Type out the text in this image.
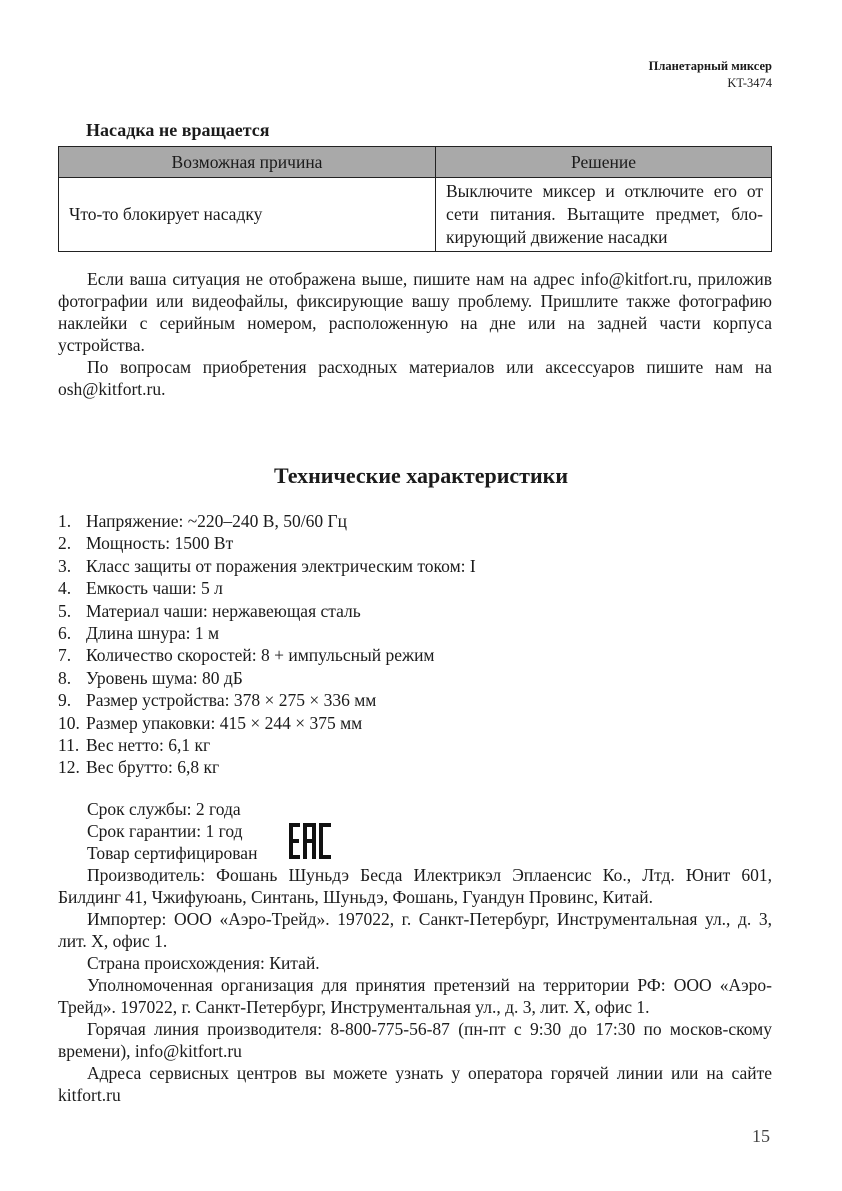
Планетарный миксер
KT-3474
Насадка не вращается
Возможная причина	Решение
Что-то блокирует насадку	Выключите миксер и отключите его от сети питания. Вытащите предмет, бло-кирующий движение насадки

Если ваша ситуация не отображена выше, пишите нам на адрес info@kitfort.ru, приложив фотографии или видеофайлы, фиксирующие вашу проблему. Пришлите также фотографию наклейки с серийным номером, расположенную на дне или на задней части корпуса устройства.

По вопросам приобретения расходных материалов или аксессуаров пишите нам на osh@kitfort.ru.

Технические характеристики
1. Напряжение: ~220–240 В, 50/60 Гц
2. Мощность: 1500 Вт
3. Класс защиты от поражения электрическим током: I
4. Емкость чаши: 5 л
5. Материал чаши: нержавеющая сталь
6. Длина шнура: 1 м
7. Количество скоростей: 8 + импульсный режим
8. Уровень шума: 80 дБ
9. Размер устройства: 378 × 275 × 336 мм
10. Размер упаковки: 415 × 244 × 375 мм
11. Вес нетто: 6,1 кг
12. Вес брутто: 6,8 кг
Срок службы: 2 года
Срок гарантии: 1 год
Товар сертифицирован

Производитель: Фошань Шуньдэ Беcда Илектрикэл Эплаенсис Ко., Лтд. Юнит 601, Билдинг 41, Чжифуюань, Синтань, Шуньдэ, Фошань, Гуандун Провинс, Китай.

Импортер: ООО «Аэро-Трейд». 197022, г. Санкт-Петербург, Инструментальная ул., д. 3, лит. Х, офис 1.

Страна происхождения: Китай.

Уполномоченная организация для принятия претензий на территории РФ: ООО «Аэро-Трейд». 197022, г. Санкт-Петербург, Инструментальная ул., д. 3, лит. Х, офис 1.

Горячая линия производителя: 8-800-775-56-87 (пн-пт с 9:30 до 17:30 по москов-скому времени), info@kitfort.ru

Адреса сервисных центров вы можете узнать у оператора горячей линии или на сайте kitfort.ru

15
